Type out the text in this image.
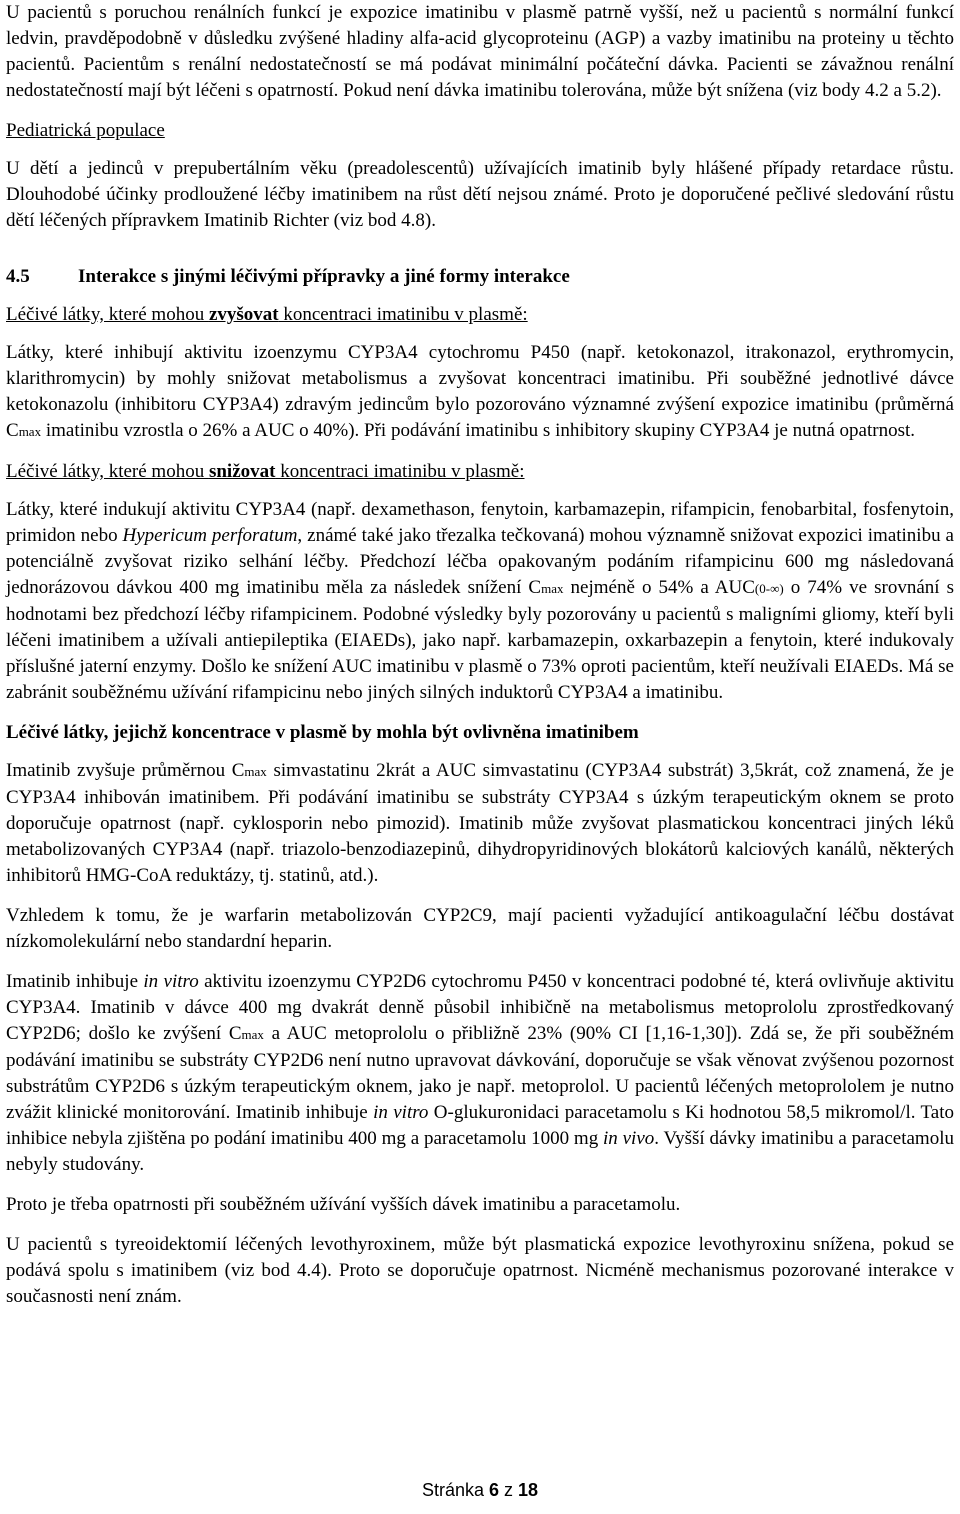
U pacientů s poruchou renálních funkcí je expozice imatinibu v plasmě patrně vyšší, než u pacientů s normální funkcí ledvin, pravděpodobně v důsledku zvýšené hladiny alfa-acid glycoproteinu (AGP) a vazby imatinibu na proteiny u těchto pacientů. Pacientům s renální nedostatečností se má podávat minimální počáteční dávka. Pacienti se závažnou renální nedostatečností mají být léčeni s opatrností. Pokud není dávka imatinibu tolerována, může být snížena (viz body 4.2 a 5.2).

Pediatrická populace

U dětí a jedinců v prepubertálním věku (preadolescentů) užívajících imatinib byly hlášené případy retardace růstu. Dlouhodobé účinky prodloužené léčby imatinibem na růst dětí nejsou známé. Proto je doporučené pečlivé sledování růstu dětí léčených přípravkem Imatinib Richter (viz bod 4.8).

4.5	Interakce s jinými léčivými přípravky a jiné formy interakce

Léčivé látky, které mohou zvyšovat koncentraci imatinibu v plasmě:

Látky, které inhibují aktivitu izoenzymu CYP3A4 cytochromu P450 (např. ketokonazol, itrakonazol, erythromycin, klarithromycin) by mohly snižovat metabolismus a zvyšovat koncentraci imatinibu. Při souběžné jednotlivé dávce ketokonazolu (inhibitoru CYP3A4) zdravým jedincům bylo pozorováno významné zvýšení expozice imatinibu (průměrná Cmax imatinibu vzrostla o 26% a AUC o 40%). Při podávání imatinibu s inhibitory skupiny CYP3A4 je nutná opatrnost.

Léčivé látky, které mohou snižovat koncentraci imatinibu v plasmě:

Látky, které indukují aktivitu CYP3A4 (např. dexamethason, fenytoin, karbamazepin, rifampicin, fenobarbital, fosfenytoin, primidon nebo Hypericum perforatum, známé také jako třezalka tečkovaná) mohou významně snižovat expozici imatinibu a potenciálně zvyšovat riziko selhání léčby. Předchozí léčba opakovaným podáním rifampicinu 600 mg následovaná jednorázovou dávkou 400 mg imatinibu měla za následek snížení Cmax nejméně o 54% a AUC(0-∞) o 74% ve srovnání s hodnotami bez předchozí léčby rifampicinem. Podobné výsledky byly pozorovány u pacientů s maligními gliomy, kteří byli léčeni imatinibem a užívali antiepileptika (EIAEDs), jako např. karbamazepin, oxkarbazepin a fenytoin, které indukovaly příslušné jaterní enzymy. Došlo ke snížení AUC imatinibu v plasmě o 73% oproti pacientům, kteří neužívali EIAEDs. Má se zabránit souběžnému užívání rifampicinu nebo jiných silných induktorů CYP3A4 a imatinibu.

Léčivé látky, jejichž koncentrace v plasmě by mohla být ovlivněna imatinibem

Imatinib zvyšuje průměrnou Cmax simvastatinu 2krát a AUC simvastatinu (CYP3A4 substrát) 3,5krát, což znamená, že je CYP3A4 inhibován imatinibem. Při podávání imatinibu se substráty CYP3A4 s úzkým terapeutickým oknem se proto doporučuje opatrnost (např. cyklosporin nebo pimozid). Imatinib může zvyšovat plasmatickou koncentraci jiných léků metabolizovaných CYP3A4 (např. triazolo-benzodiazepinů, dihydropyridinových blokátorů kalciových kanálů, některých inhibitorů HMG-CoA reduktázy, tj. statinů, atd.).

Vzhledem k tomu, že je warfarin metabolizován CYP2C9, mají pacienti vyžadující antikoagulační léčbu dostávat nízkomolekulární nebo standardní heparin.

Imatinib inhibuje in vitro aktivitu izoenzymu CYP2D6 cytochromu P450 v koncentraci podobné té, která ovlivňuje aktivitu CYP3A4. Imatinib v dávce 400 mg dvakrát denně působil inhibičně na metabolismus metoprololu zprostředkovaný CYP2D6; došlo ke zvýšení Cmax a AUC metoprololu o přibližně 23% (90% CI [1,16-1,30]). Zdá se, že při souběžném podávání imatinibu se substráty CYP2D6 není nutno upravovat dávkování, doporučuje se však věnovat zvýšenou pozornost substrátům CYP2D6 s úzkým terapeutickým oknem, jako je např. metoprolol. U pacientů léčených metoprololem je nutno zvážit klinické monitorování. Imatinib inhibuje in vitro O-glukuronidaci paracetamolu s Ki hodnotou 58,5 mikromol/l. Tato inhibice nebyla zjištěna po podání imatinibu 400 mg a paracetamolu 1000 mg in vivo. Vyšší dávky imatinibu a paracetamolu nebyly studovány.

Proto je třeba opatrnosti při souběžném užívání vyšších dávek imatinibu a paracetamolu.

U pacientů s tyreoidektomií léčených levothyroxinem, může být plasmatická expozice levothyroxinu snížena, pokud se podává spolu s imatinibem (viz bod 4.4). Proto se doporučuje opatrnost. Nicméně mechanismus pozorované interakce v současnosti není znám.

Stránka 6 z 18
